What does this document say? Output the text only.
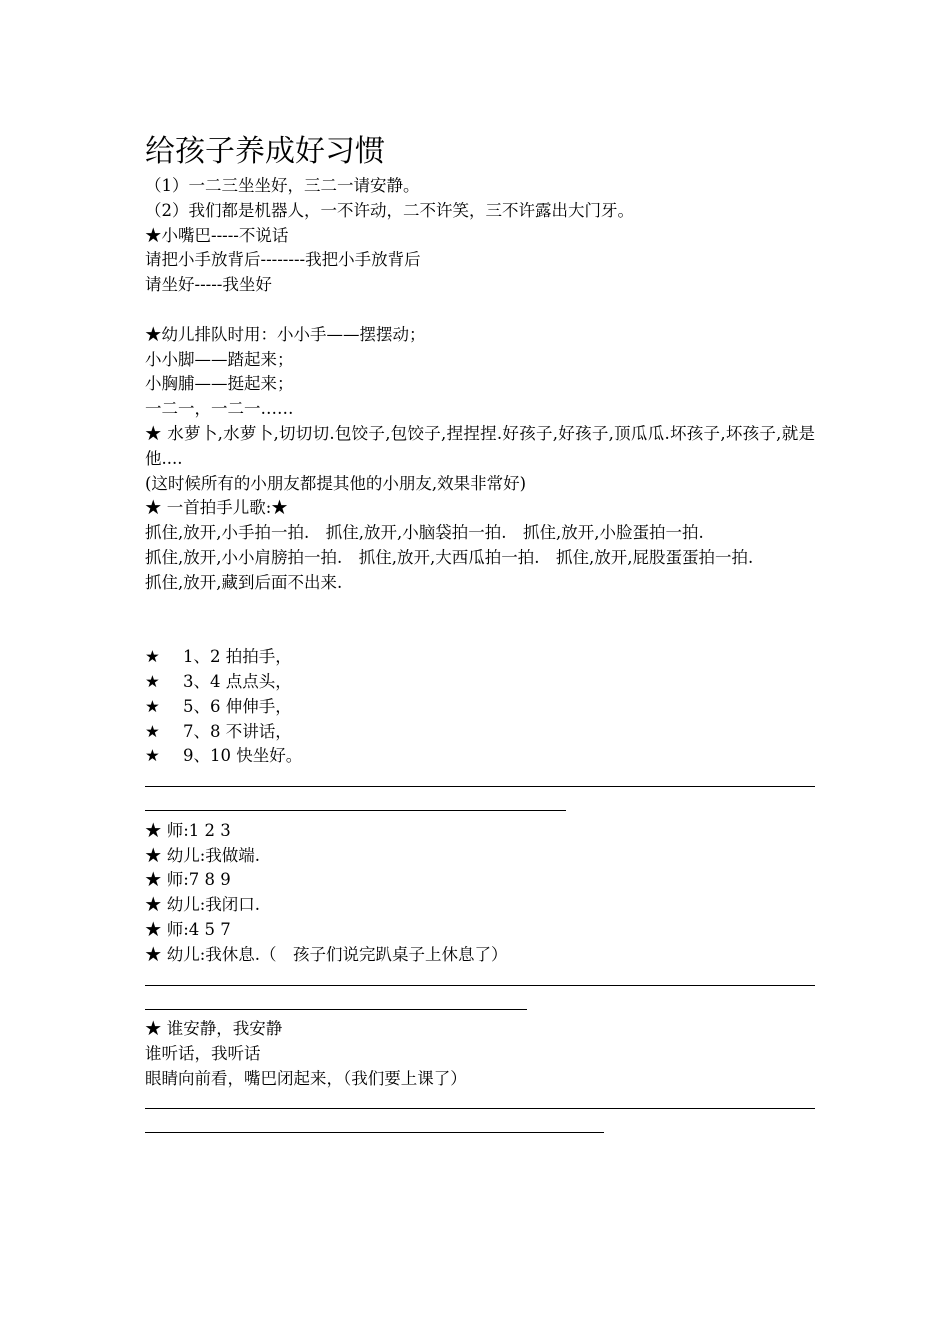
给孩子养成好习惯
（1）一二三坐坐好，三二一请安静。
（2）我们都是机器人，一不许动，二不许笑，三不许露出大门牙。
★小嘴巴-----不说话
请把小手放背后--------我把小手放背后
请坐好-----我坐好
★幼儿排队时用：小小手——摆摆动；
小小脚——踏起来；
小胸脯——挺起来；
一二一，一二一……
★ 水萝卜,水萝卜,切切切.包饺子,包饺子,捏捏捏.好孩子,好孩子,顶瓜瓜.坏孩子,坏孩子,就是他....
(这时候所有的小朋友都提其他的小朋友,效果非常好)
★ 一首拍手儿歌:★
抓住,放开,小手拍一拍.　抓住,放开,小脑袋拍一拍.　抓住,放开,小脸蛋拍一拍.
抓住,放开,小小肩膀拍一拍.　抓住,放开,大西瓜拍一拍.　抓住,放开,屁股蛋蛋拍一拍.
抓住,放开,藏到后面不出来.
★	1、2 拍拍手，
★	3、4 点点头，
★	5、6 伸伸手，
★	7、8 不讲话，
★	9、10 快坐好。
★ 师:1 2 3
★ 幼儿:我做端.
★ 师:7 8 9
★ 幼儿:我闭口.
★ 师:4 5 7
★ 幼儿:我休息.（　孩子们说完趴桌子上休息了）
★ 谁安静，我安静
谁听话，我听话
眼睛向前看，嘴巴闭起来，（我们要上课了）
